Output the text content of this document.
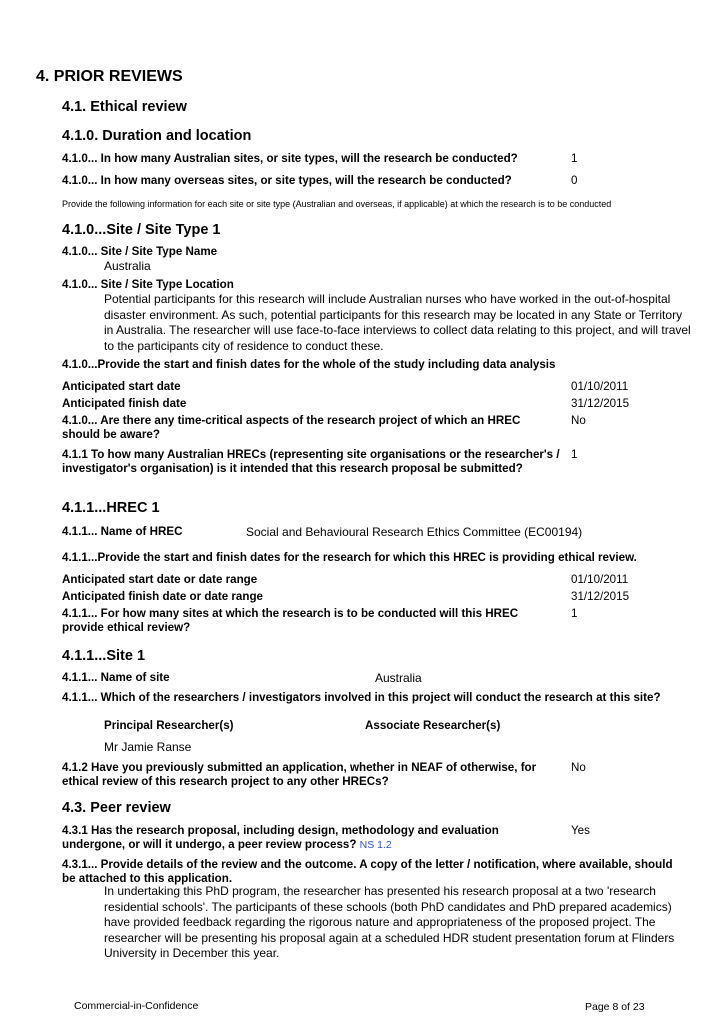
4. PRIOR REVIEWS
4.1. Ethical review
4.1.0. Duration and location
4.1.0... In how many Australian sites, or site types, will the research be conducted?	1
4.1.0... In how many overseas sites, or site types, will the research be conducted?	0
Provide the following information for each site or site type (Australian and overseas, if applicable) at which the research is to be conducted
4.1.0...Site / Site Type 1
4.1.0... Site / Site Type Name
Australia
4.1.0... Site / Site Type Location
Potential participants for this research will include Australian nurses who have worked in the out-of-hospital disaster environment. As such, potential participants for this research may be located in any State or Territory in Australia. The researcher will use face-to-face interviews to collect data relating to this project, and will travel to the participants city of residence to conduct these.
4.1.0...Provide the start and finish dates for the whole of the study including data analysis
Anticipated start date	01/10/2011
Anticipated finish date	31/12/2015
4.1.0... Are there any time-critical aspects of the research project of which an HREC should be aware?
No
4.1.1 To how many Australian HRECs (representing site organisations or the researcher's / investigator's organisation) is it intended that this research proposal be submitted?
1
4.1.1...HREC 1
4.1.1... Name of HREC	Social and Behavioural Research Ethics Committee (EC00194)
4.1.1...Provide the start and finish dates for the research for which this HREC is providing ethical review.
Anticipated start date or date range	01/10/2011
Anticipated finish date or date range	31/12/2015
4.1.1... For how many sites at which the research is to be conducted will this HREC provide ethical review?
1
4.1.1...Site 1
4.1.1... Name of site	Australia
4.1.1... Which of the researchers / investigators involved in this project will conduct the research at this site?
Principal Researcher(s)	Associate Researcher(s)
Mr Jamie Ranse
4.1.2 Have you previously submitted an application, whether in NEAF of otherwise, for ethical review of this research project to any other HRECs?
No
4.3. Peer review
4.3.1 Has the research proposal, including design, methodology and evaluation undergone, or will it undergo, a peer review process? NS 1.2
Yes
4.3.1... Provide details of the review and the outcome. A copy of the letter / notification, where available, should be attached to this application.
In undertaking this PhD program, the researcher has presented his research proposal at a two 'research residential schools'. The participants of these schools (both PhD candidates and PhD prepared academics) have provided feedback regarding the rigorous nature and appropriateness of the proposed project. The researcher will be presenting his proposal again at a scheduled HDR student presentation forum at Flinders University in December this year.
Commercial-in-Confidence	Page 8 of 23
